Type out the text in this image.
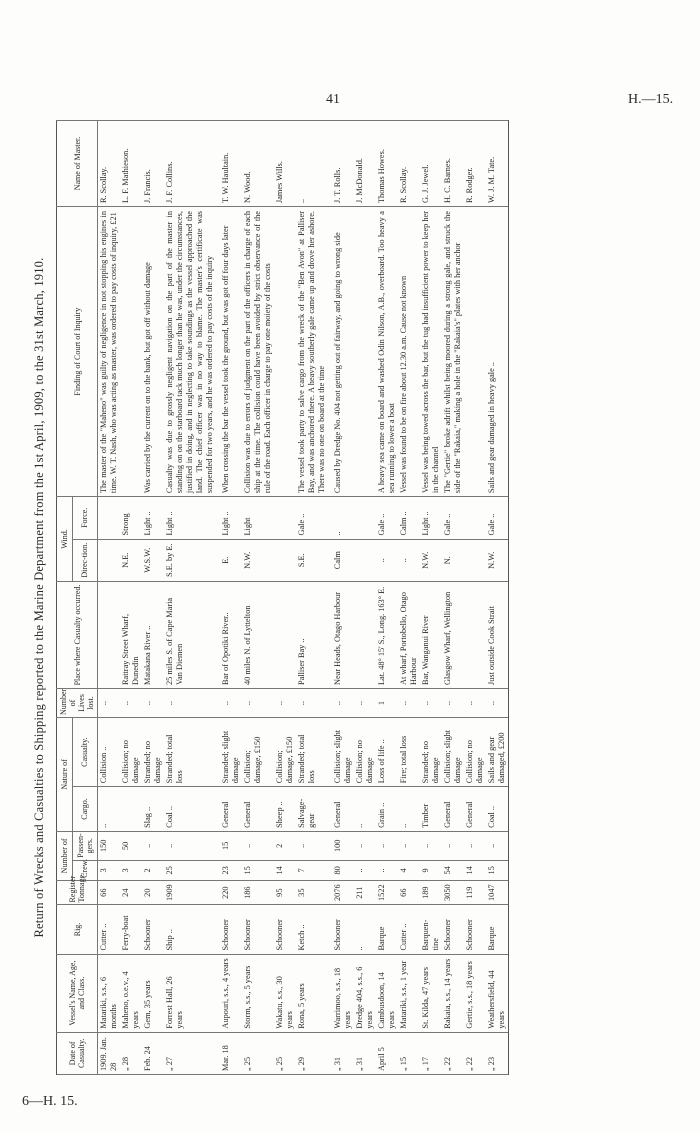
41	H.—15.
6—H. 15.
Return of Wrecks and Casualties to Shipping reported to the Marine Department from the 1st April, 1909, to the 31st March, 1910.
Date of Casualty.	Vessel's Name, Age, and Class.	Rig.	Register Tonnage.	Number of		Nature of		Number of Lives lost.	Place where Casualty occurred.	Wind.		Finding of Court of Inquiry	Name of Master.
				Crew.	Passen-gers.	Cargo.	Casualty.			Direc-tion.	Force.		
1909. Jan. 28	Matariki, s.s., 6 months	Cutter ..	66	3	150	..	Collision ..	..				The master of the "Maheno" was guilty of negligence in not stopping his engines in time. W. T. Nash, who was acting as master, was ordered to pay costs of inquiry, £21	R. Scollay.
„ 28	Maheno, o.e.v., 4 years	Ferry-boat	24	3	50		Collision; no damage	..	Rattray Street Wharf, Dunedin	N.E.	Strong		L. F. Mathieson.
Feb. 24	Gem, 35 years	Schooner	20	2	..	Slag ..	Stranded; no damage	..	Matakana River ..	W.S.W.	Light ..	Was carried by the current on to the bank, but got off without damage	J. Francis.
„ 27	Forrest Hall, 26 years	Ship ..	1909	25	..	Coal ..	Stranded; total loss	..	25 miles S. of Cape Maria Van Diemen	S.E. by E.	Light ..	Casualty was due to grossly negligent navigation on the part of the master in standing on on the starboard tack much longer than he was, under the circumstances, justified in doing, and in neglecting to take soundings as the vessel approached the land. The chief officer was in no way to blame. The master's certificate was suspended for two years, and he was ordered to pay costs of the inquiry	J. F. Collins.
Mar. 18	Aupouri, s.s., 4 years	Schooner	220	23	15	General	Stranded; slight damage	..	Bar of Opotiki River..	E.	Light ..	When crossing the bar the vessel took the ground, but was got off four days later	T. W. Haultain.
„ 25	Storm, s.s., 5 years	Schooner	186	15	..	General	Collision; damage, £150	..	40 miles N. of Lyttelton	N.W.	Light	Collision was due to errors of judgment on the part of the officers in charge of each ship at the time. The collision could have been avoided by strict observance of the rule of the road. Each officer in charge to pay one moiety of the costs	N. Wood.
„ 25	Wakatu, s.s., 30 years	Schooner	95	14	2	Sheep ..	Collision; damage, £150	..					James Wills.
„ 29	Rona, 5 years	Ketch ..	35	7	..	Salvage-gear	Stranded; total loss	..	Palliser Bay ..	S.E.	Gale ..	The vessel took party to salve cargo from the wreck of the "Ben Avon" at Palliser Bay, and was anchored there. A heavy southerly gale came up and drove her ashore. There was no one on board at the time	..
„ 31	Warrimoo, s.s., 18 years	Schooner	2076	80	100	General	Collision; slight damage	..	Near Heads, Otago Harbour	Calm	..	Caused by Dredge No. 404 not getting out of fairway, and going to wrong side	J. T. Rolls.
„ 31	Dredge 404, s.s., 6 years	..	211	..	..	..	Collision; no damage	..					J. McDonald.
April 5	Cambusdoon, 14 years	Barque	1522	..	..	Grain ..	Loss of life ..	1	Lat. 48° 15' S., Long. 163° E.	..	Gale ..	A heavy sea came on board and washed Odin Nilson, A.B., overboard. Too heavy a sea running to lower a boat	Thomas Howes.
„ 15	Matariki, s.s., 1 year	Cutter ..	66	4	..	..	Fire; total loss	..	At wharf, Portobello, Otago Harbour	..	Calm ..	Vessel was found to be on fire about 12.30 a.m. Cause not known	R. Scollay.
„ 17	St. Kilda, 47 years	Barquen-tine	189	9	..	Timber	Stranded; no damage	..	Bar, Wanganui River	N.W.	Light ..	Vessel was being towed across the bar, but the tug had insufficient power to keep her in the channel	G. J. Jewel.
„ 22	Rakaia, s.s., 14 years	Schooner	3050	54	..	General	Collision; slight damage	..	Glasgow Wharf, Wellington	N.	Gale ..	The "Gertie" broke adrift whilst being moored during a strong gale, and struck the side of the "Rakaia," making a hole in the "Rakaia's" plates with her anchor	H. C. Barnes.
„ 22	Gertie, s.s., 18 years	Schooner	119	14	..	General	Collision; no damage	..					R. Rodger.
„ 23	Weathersfield, 44 years	Barque	1047	15	..	Coal ..	Sails and gear damaged, £200	..	Just outside Cook Strait	N.W.	Gale ..	Sails and gear damaged in heavy gale ..	W. J. M. Tate.
